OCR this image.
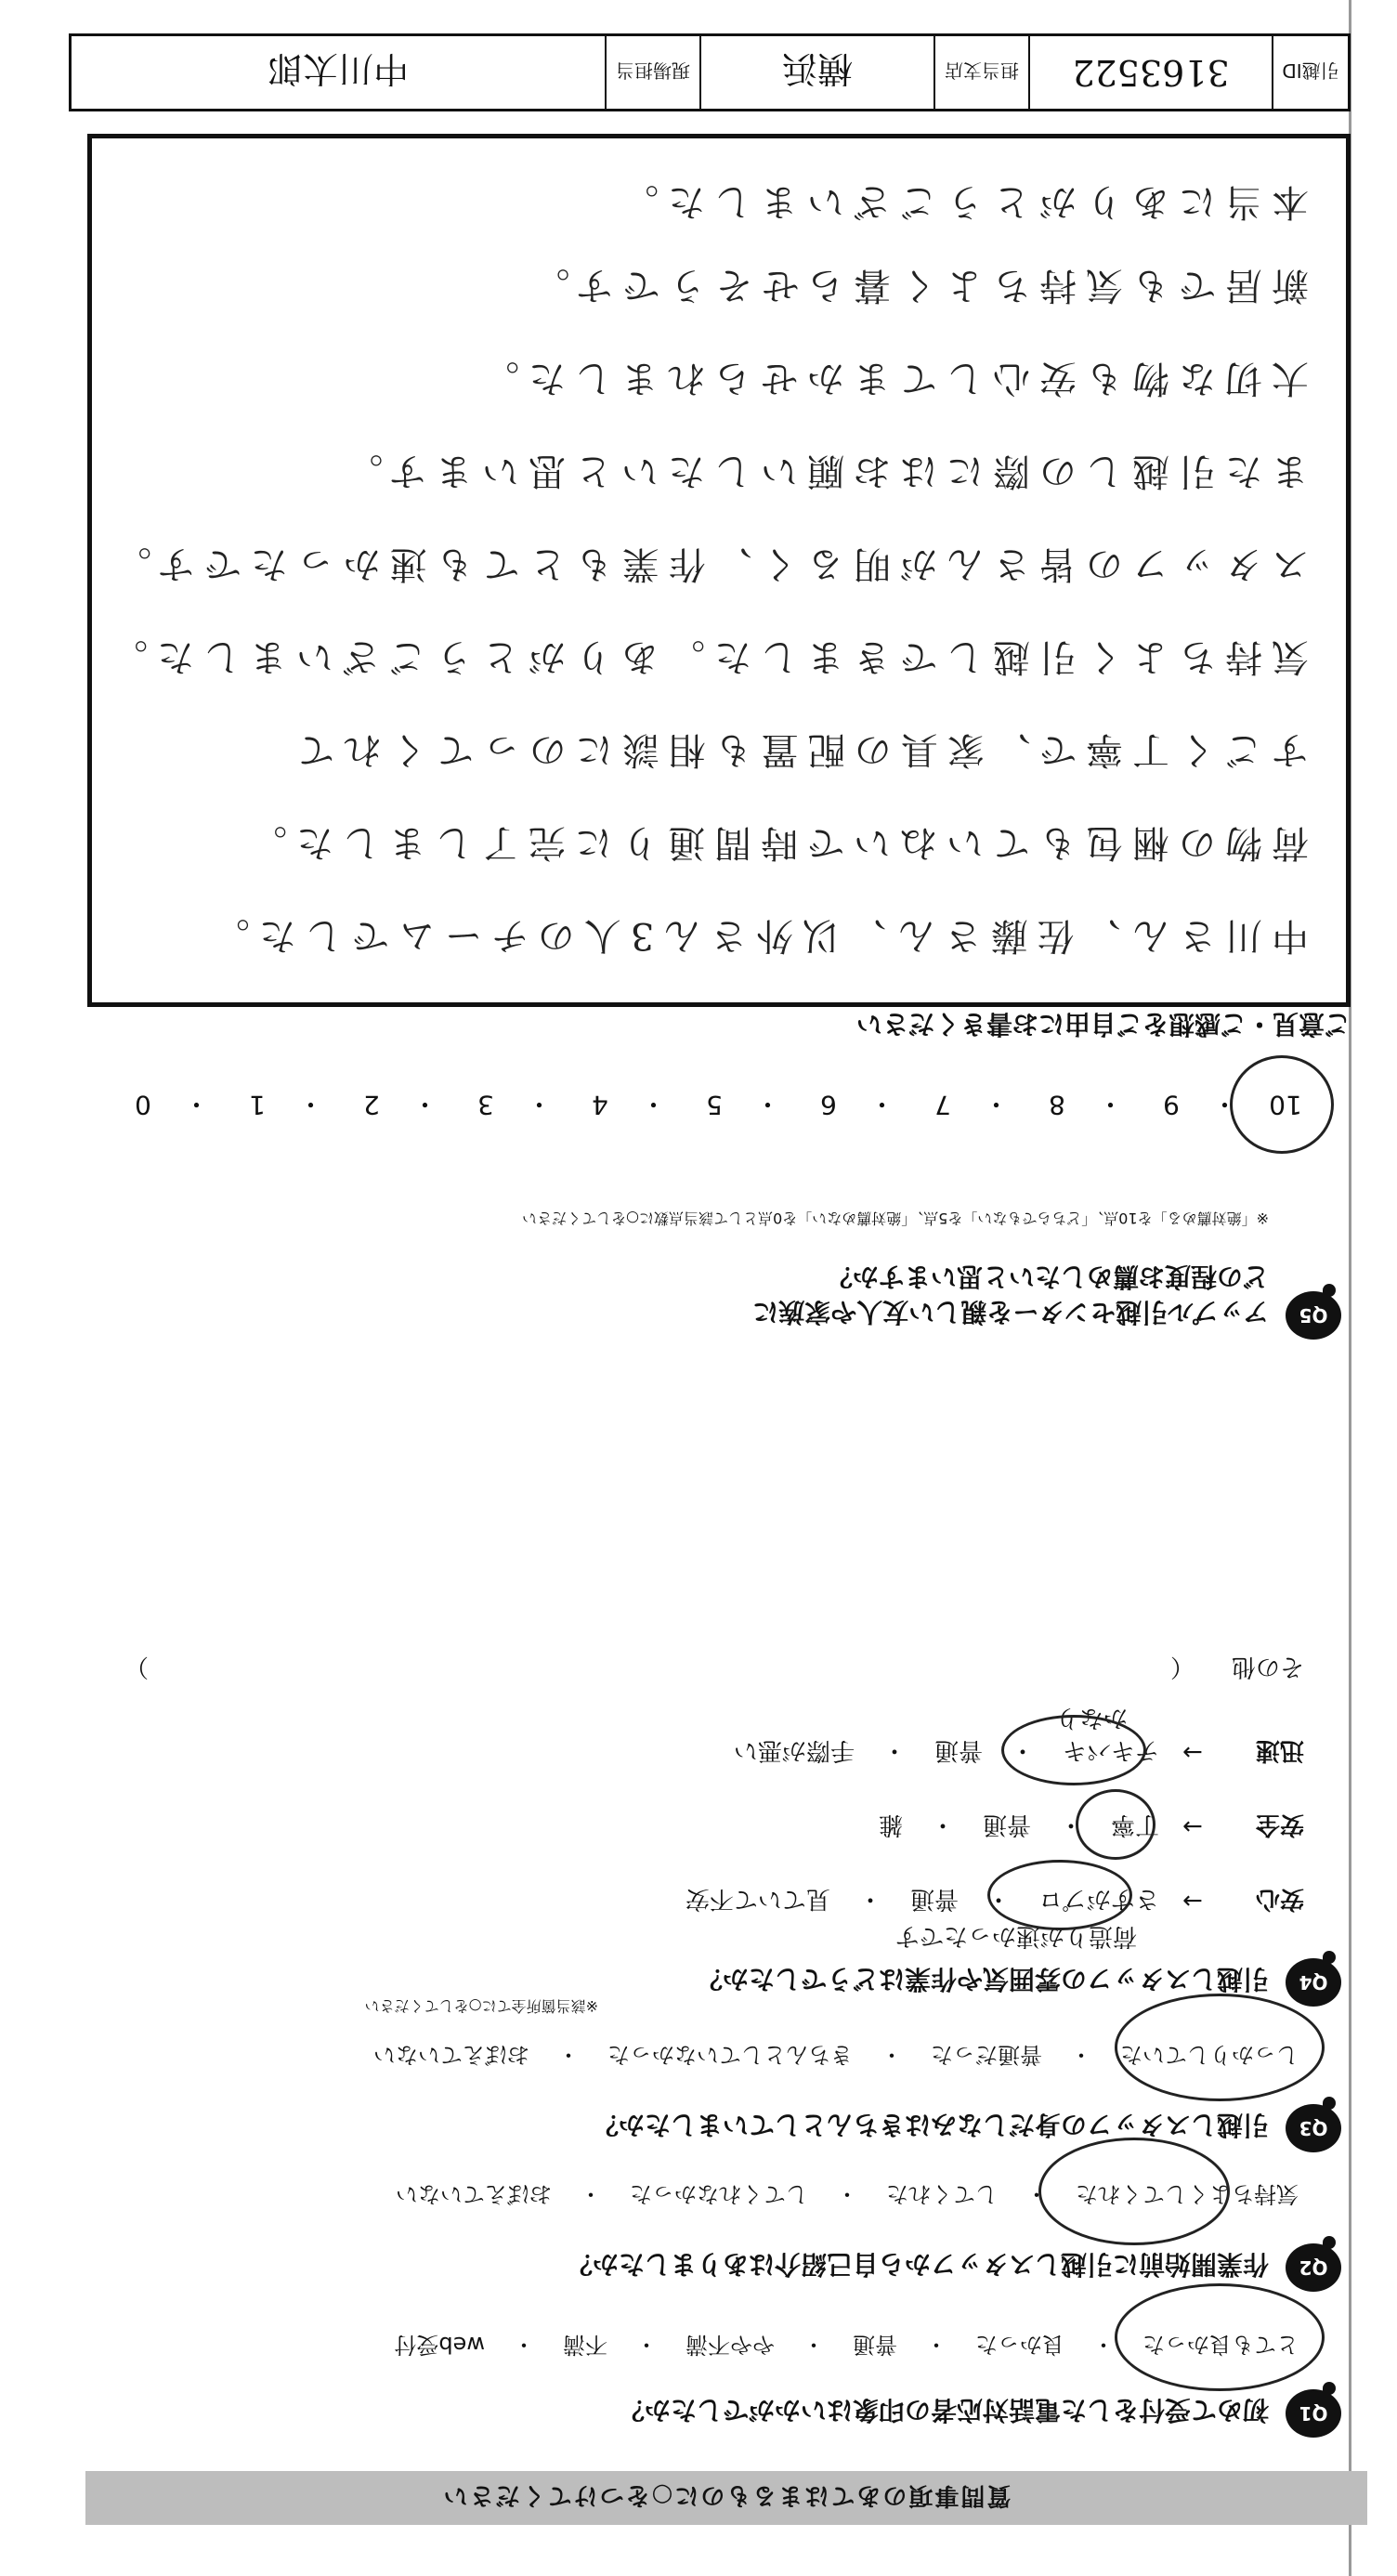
質問事項のあてはまるものに○をつけてください
Q1
初めて受付をした電話対応者の印象はいかがでしたか？
とても良かった
・
良かった
・
普通
・
やや不満
・
不満
・
web受付
Q2
作業開始前に引越しスタッフから自己紹介はありましたか？
気持ちよくしてくれた
・
してくれた
・
してくれなかった
・
おぼえていない
Q3
引越しスタッフの身だしなみはきちんとしていましたか？
しっかりしていた
・
普通だった
・
きちんとしていなかった
・
おぼえていない
Q4
引越しスタッフの雰囲気や作業はどうでしたか？
※該当箇所全てに○をしてください
安心
→
さすがプロ
・
普通
・
見ていて不安
荷造りが速かったです
安全
→
丁寧
・
普通
・
雑
迅速
→
テキパキ
・
普通
・
手際が悪い
かなり
その他
（
）
Q5
アップル引越センターを親しい友人や家族に
どの程度お薦めしたいと思いますか？
※「絶対薦める」を10点、「どちらでもない」を5点、「絶対薦めない」を0点として該当点数に○をしてください
10
・
9
・
8
・
7
・
6
・
5
・
4
・
3
・
2
・
1
・
0
ご意見・ご感想をご自由にお書きください
中川さん、佐藤さん、以外さん3人のチームでした。
荷物の梱包もていねいで時間通りに完了しました。
すごく丁寧で、家具の配置も相談にのってくれて
気持ちよく引越しできました。ありがとうございました。
スタッフの皆さんが明るく、作業もとても速かったです。
また引越しの際にはお願いしたいと思います。
大切な物も安心してまかせられました。
新居でも気持ちよく暮らせそうです。
本当にありがとうございました。
引越ID
3163522
担当支店
横浜
現場担当
中川太郎
